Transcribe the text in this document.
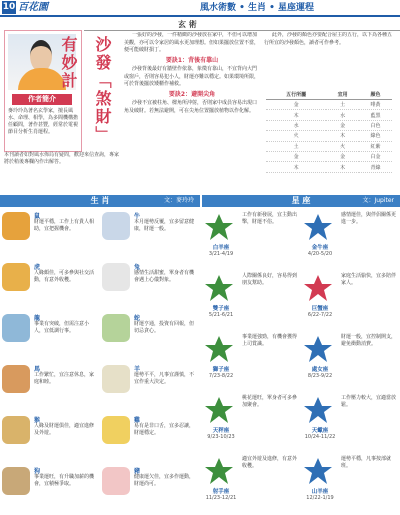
10 百花園	風水術數 • 生肖 • 星座運程
玄 術
作者簡介
麥玲玲為著名玄學家，擅長風水、命理、相學，為多間機構擔任顧問，著作甚豐，經常於電視節目分析生肖運程。
本刊讀者如對風水佈局有疑問，歡迎來信查詢，專家將於稍後專欄內作出解答。
沙發「煞財」有妙計

一張好的沙發，一件精緻的沙發放在家中，不但可以增加美觀，亦可以令家居的風水更加理想。但如果擺放位置不當，便可能破財損丁。

要訣1：背後有靠山

沙發背後最好有牆壁作依靠，象徵有靠山，不宜背向大門或窗戶，否則容易犯小人，財運亦難以穩定。如果環境所限，可於背後擺放矮櫃作補救。

要訣2：避開尖角

沙發不宜被柱角、樑角所沖射，否則家中成員容易出現口角及破財。若無法避開，可在尖角位置擺放植物以作化解。

此外，沙發的顏色亦要配合屋主的五行，以下為各種五行所宜的沙發顏色，讀者可作參考。

五行所屬	宜用	顏色
金	土	啡黃
木	水	藍黑
水	金	白色
火	木	綠色
土	火	紅紫
金	金	白金
木	木	青綠
生 肖	文：麥玲玲	星 座	文：Jupiter
鼠
財運平穩，工作上有貴人相助，宜把握機會。
牛
本月運勢反覆，宜多留意健康，財運一般。
虎
人緣頗佳，可多參與社交活動，有意外收穫。
兔
感情生活甜蜜，單身者有機會遇上心儀對象。
龍
事業有突破，但需注意小人，宜低調行事。
蛇
財運亨通，投資有回報，但切忌貪心。
馬
工作繁忙，宜注意休息，家庭和睦。
羊
運勢平平，凡事宜謹慎，不宜作重大決定。
猴
人緣及財運俱佳，適宜進修及外遊。
雞
易有是非口舌，宜多忍讓，財運穩定。
狗
事業運旺，有升職加薪的機會，宜積極爭取。
豬
健康運欠佳，宜多作運動，財運尚可。
白羊座
3/21-4/19
工作有新發展，宜主動出擊，財運不俗。
金牛座
4/20-5/20
感情運佳，與伴侶關係更進一步。
雙子座
5/21-6/21
人際關係良好，容易得到朋友幫助。
巨蟹座
6/22-7/22
家庭生活愉快，宜多陪伴家人。
獅子座
7/23-8/22
事業運強勁，有機會獲得上司賞識。
處女座
8/23-9/22
財運一般，宜控制開支，避免衝動消費。
天秤座
9/23-10/23
桃花運旺，單身者可多參加聚會。
天蠍座
10/24-11/22
工作壓力較大，宜適當放鬆。
射手座
11/23-12/21
適宜外遊及進修，有意外收穫。
山羊座
12/22-1/19
運勢平穩，凡事按部就班。
